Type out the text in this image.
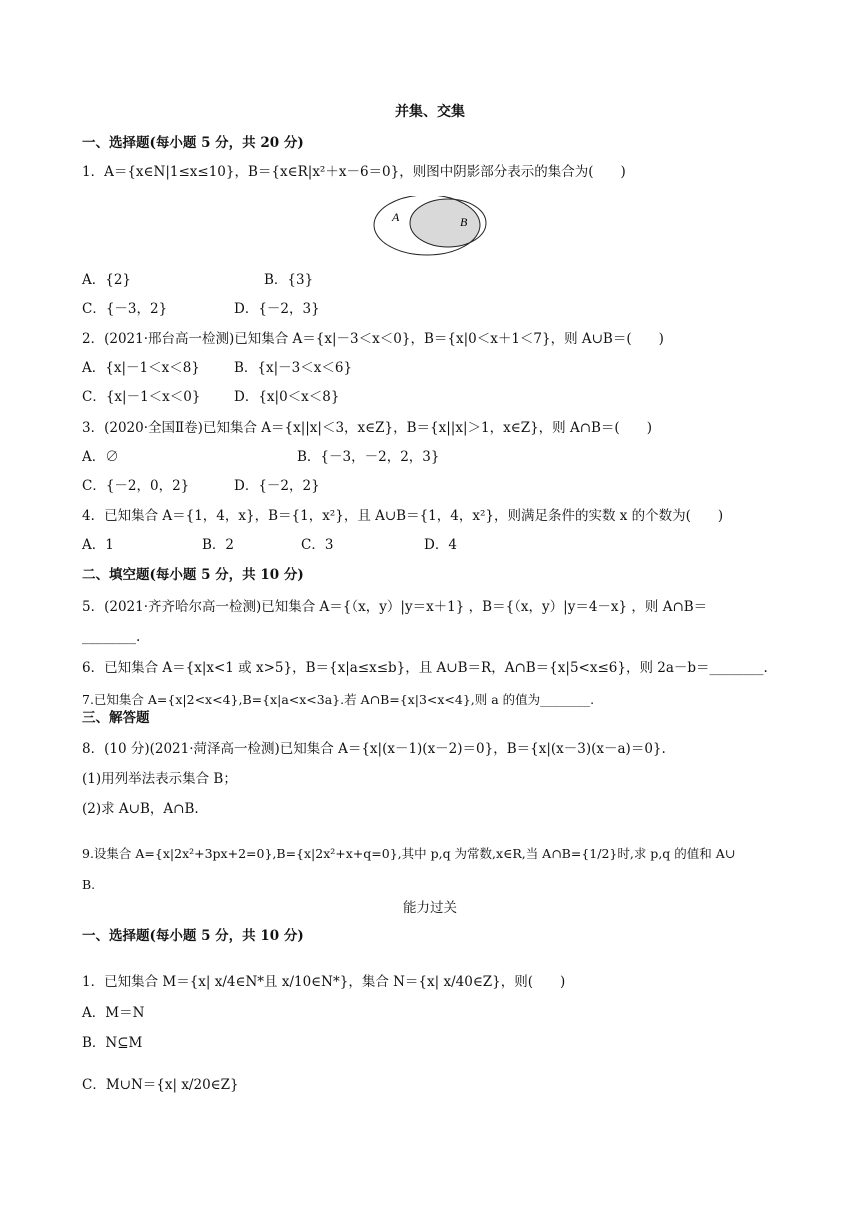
并集、交集
一、选择题(每小题 5 分，共 20 分)
1．A＝{x∈N|1≤x≤10}，B＝{x∈R|x²＋x－6＝0}，则图中阴影部分表示的集合为(　　)
A	B
A．{2}	B．{3}
C．{－3，2}	D．{－2，3}
2．(2021·邢台高一检测)已知集合 A＝{x|－3＜x＜0}，B＝{x|0＜x＋1＜7}，则 A∪B＝(　　)
A．{x|－1＜x＜8}	B．{x|－3＜x＜6}
C．{x|－1＜x＜0} D．{x|0＜x＜8}
3．(2020·全国Ⅱ卷)已知集合 A＝{x||x|＜3，x∈Z}，B＝{x||x|＞1，x∈Z}，则 A∩B＝(　　)
A．∅	B．{－3，－2，2，3}
C．{－2，0，2}	D．{－2，2}
4．已知集合 A＝{1，4，x}，B＝{1，x²}，且 A∪B＝{1，4，x²}，则满足条件的实数 x 的个数为(　　)
A．1	B．2	C．3	D．4
二、填空题(每小题 5 分，共 10 分)
5．(2021·齐齐哈尔高一检测)已知集合 A＝{（x，y）|y＝x＋1} ，B＝{（x，y）|y＝4－x} ，则 A∩B＝
________.
6．已知集合 A＝{x|x<1 或 x>5}，B＝{x|a≤x≤b}，且 A∪B＝R，A∩B＝{x|5<x≤6}，则 2a－b＝________.
7.已知集合 A={x|2<x<4},B={x|a<x<3a}.若 A∩B={x|3<x<4},则 a 的值为________.
三、解答题
8．(10 分)(2021·菏泽高一检测)已知集合 A＝{x|(x－1)(x－2)＝0}，B＝{x|(x－3)(x－a)＝0}.
(1)用列举法表示集合 B；
(2)求 A∪B，A∩B.
9.设集合 A={x|2x²+3px+2=0},B={x|2x²+x+q=0},其中 p,q 为常数,x∈R,当 A∩B={1/2}时,求 p,q 的值和 A∪
B.
能力过关
一、选择题(每小题 5 分，共 10 分)
1．已知集合 M＝{x| x/4∈N*且 x/10∈N*}，集合 N＝{x| x/40∈Z}，则(　　)
A．M＝N
B．N⊆M
C．M∪N＝{x| x/20∈Z}
